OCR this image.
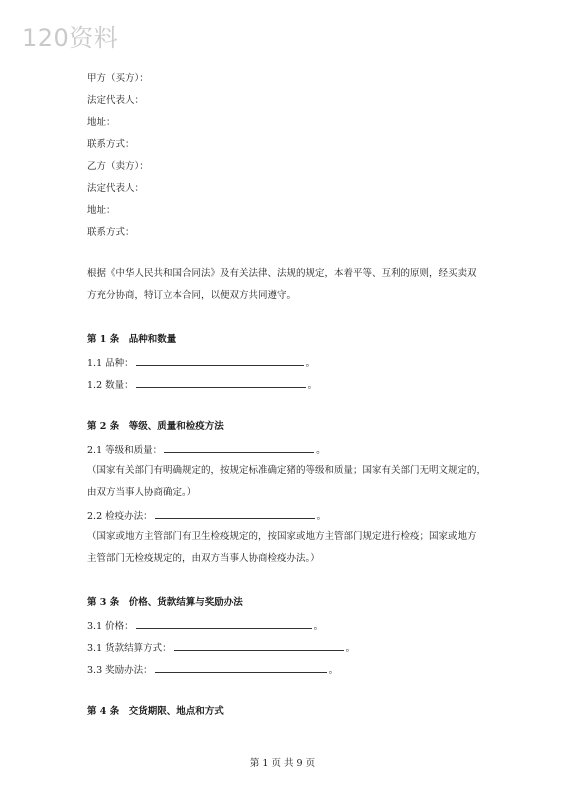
120资料
甲方（买方）：
法定代表人：
地址：
联系方式：
乙方（卖方）：
法定代表人：
地址：
联系方式：
根据《中华人民共和国合同法》及有关法律、法规的规定，本着平等、互利的原则，经买卖双
方充分协商，特订立本合同，以便双方共同遵守。
第 1 条　品种和数量
1.1 品种：	。
1.2 数量：	。
第 2 条　等级、质量和检疫方法
2.1 等级和质量：	。
（国家有关部门有明确规定的，按规定标准确定猪的等级和质量；国家有关部门无明文规定的，
由双方当事人协商确定。）
2.2 检疫办法：	。
（国家或地方主管部门有卫生检疫规定的，按国家或地方主管部门规定进行检疫；国家或地方
主管部门无检疫规定的，由双方当事人协商检疫办法。）
第 3 条　价格、货款结算与奖励办法
3.1 价格：	。
3.1 货款结算方式：	。
3.3 奖励办法：	。
第 4 条　交货期限、地点和方式
第 1 页 共 9 页
